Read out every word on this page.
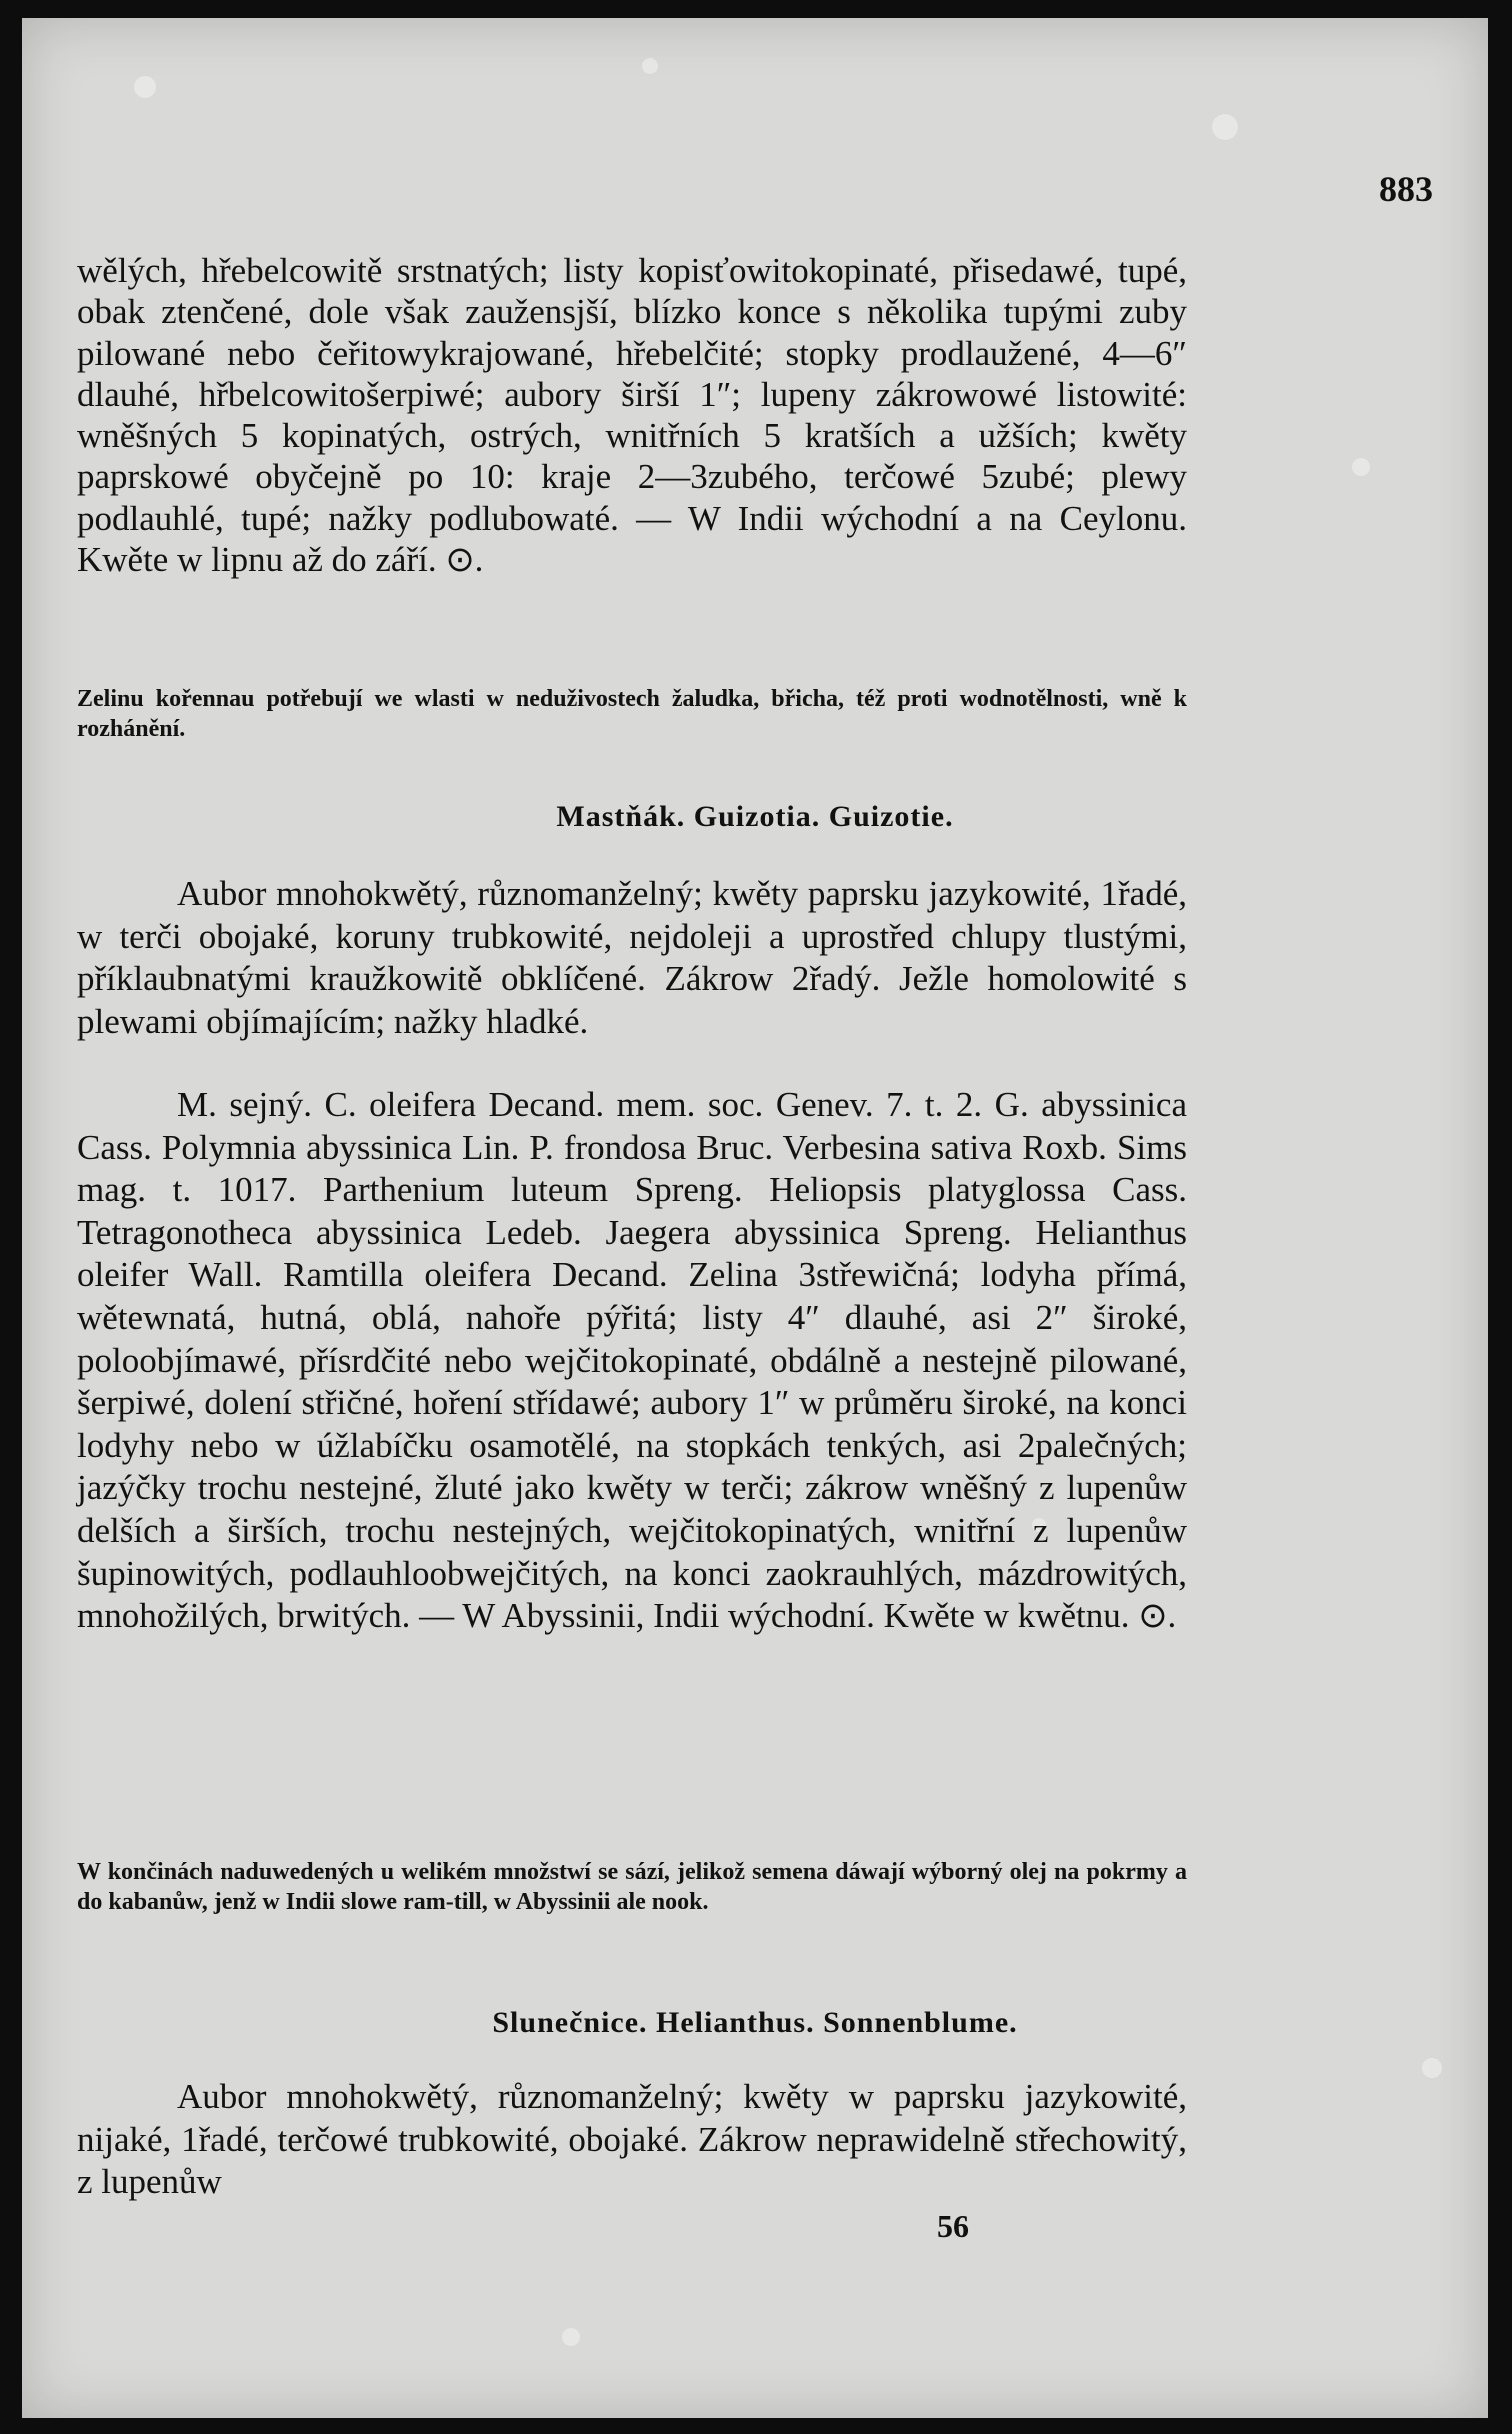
883

wělých, hřebelcowitě srstnatých; listy kopisťowitokopinaté, přisedawé, tupé, obak ztenčené, dole však zaužensjší, blízko konce s několika tupými zuby pilowané nebo čeřitowykrajowané, hřebelčité; stopky prodlaužené, 4—6″ dlauhé, hřbelcowitošerpiwé; aubory širší 1″; lupeny zákrowowé listowité: wněšných 5 kopinatých, ostrých, wnitřních 5 kratších a užších; kwěty paprskowé obyčejně po 10: kraje 2—3zubého, terčowé 5zubé; plewy podlauhlé, tupé; nažky podlubowaté. — W Indii wýchodní a na Ceylonu. Kwěte w lipnu až do září. ⊙.

Zelinu kořennau potřebují we wlasti w neduživostech žaludka, břicha, též proti wodnotělnosti, wně k rozhánění.

Mastňák. Guizotia. Guizotie.

Aubor mnohokwětý, různomanželný; kwěty paprsku jazykowité, 1řadé, w terči obojaké, koruny trubkowité, nejdoleji a uprostřed chlupy tlustými, příklaubnatými kraužkowitě obklíčené. Zákrow 2řadý. Ježle homolowité s plewami objímajícím; nažky hladké.

M. sejný. C. oleifera Decand. mem. soc. Genev. 7. t. 2. G. abyssinica Cass. Polymnia abyssinica Lin. P. frondosa Bruc. Verbesina sativa Roxb. Sims mag. t. 1017. Parthenium luteum Spreng. Heliopsis platyglossa Cass. Tetragonotheca abyssinica Ledeb. Jaegera abyssinica Spreng. Helianthus oleifer Wall. Ramtilla oleifera Decand. Zelina 3střewičná; lodyha přímá, wětewnatá, hutná, oblá, nahoře pýřitá; listy 4″ dlauhé, asi 2″ široké, poloobjímawé, přísrdčité nebo wejčitokopinaté, obdálně a nestejně pilowané, šerpiwé, dolení střičné, hoření střídawé; aubory 1″ w průměru široké, na konci lodyhy nebo w úžlabíčku osamotělé, na stopkách tenkých, asi 2palečných; jazýčky trochu nestejné, žluté jako kwěty w terči; zákrow wněšný z lupenůw delších a širších, trochu nestejných, wejčitokopinatých, wnitřní z lupenůw šupinowitých, podlauhloobwejčitých, na konci zaokrauhlých, mázdrowitých, mnohožilých, brwitých. — W Abyssinii, Indii wýchodní. Kwěte w kwětnu. ⊙.

W končinách naduwedených u welikém množstwí se sází, jelikož semena dáwají wýborný olej na pokrmy a do kabanůw, jenž w Indii slowe ram-till, w Abyssinii ale nook.

Slunečnice. Helianthus. Sonnenblume.

Aubor mnohokwětý, různomanželný; kwěty w paprsku jazykowité, nijaké, 1řadé, terčowé trubkowité, obojaké. Zákrow neprawidelně střechowitý, z lupenůw

56
